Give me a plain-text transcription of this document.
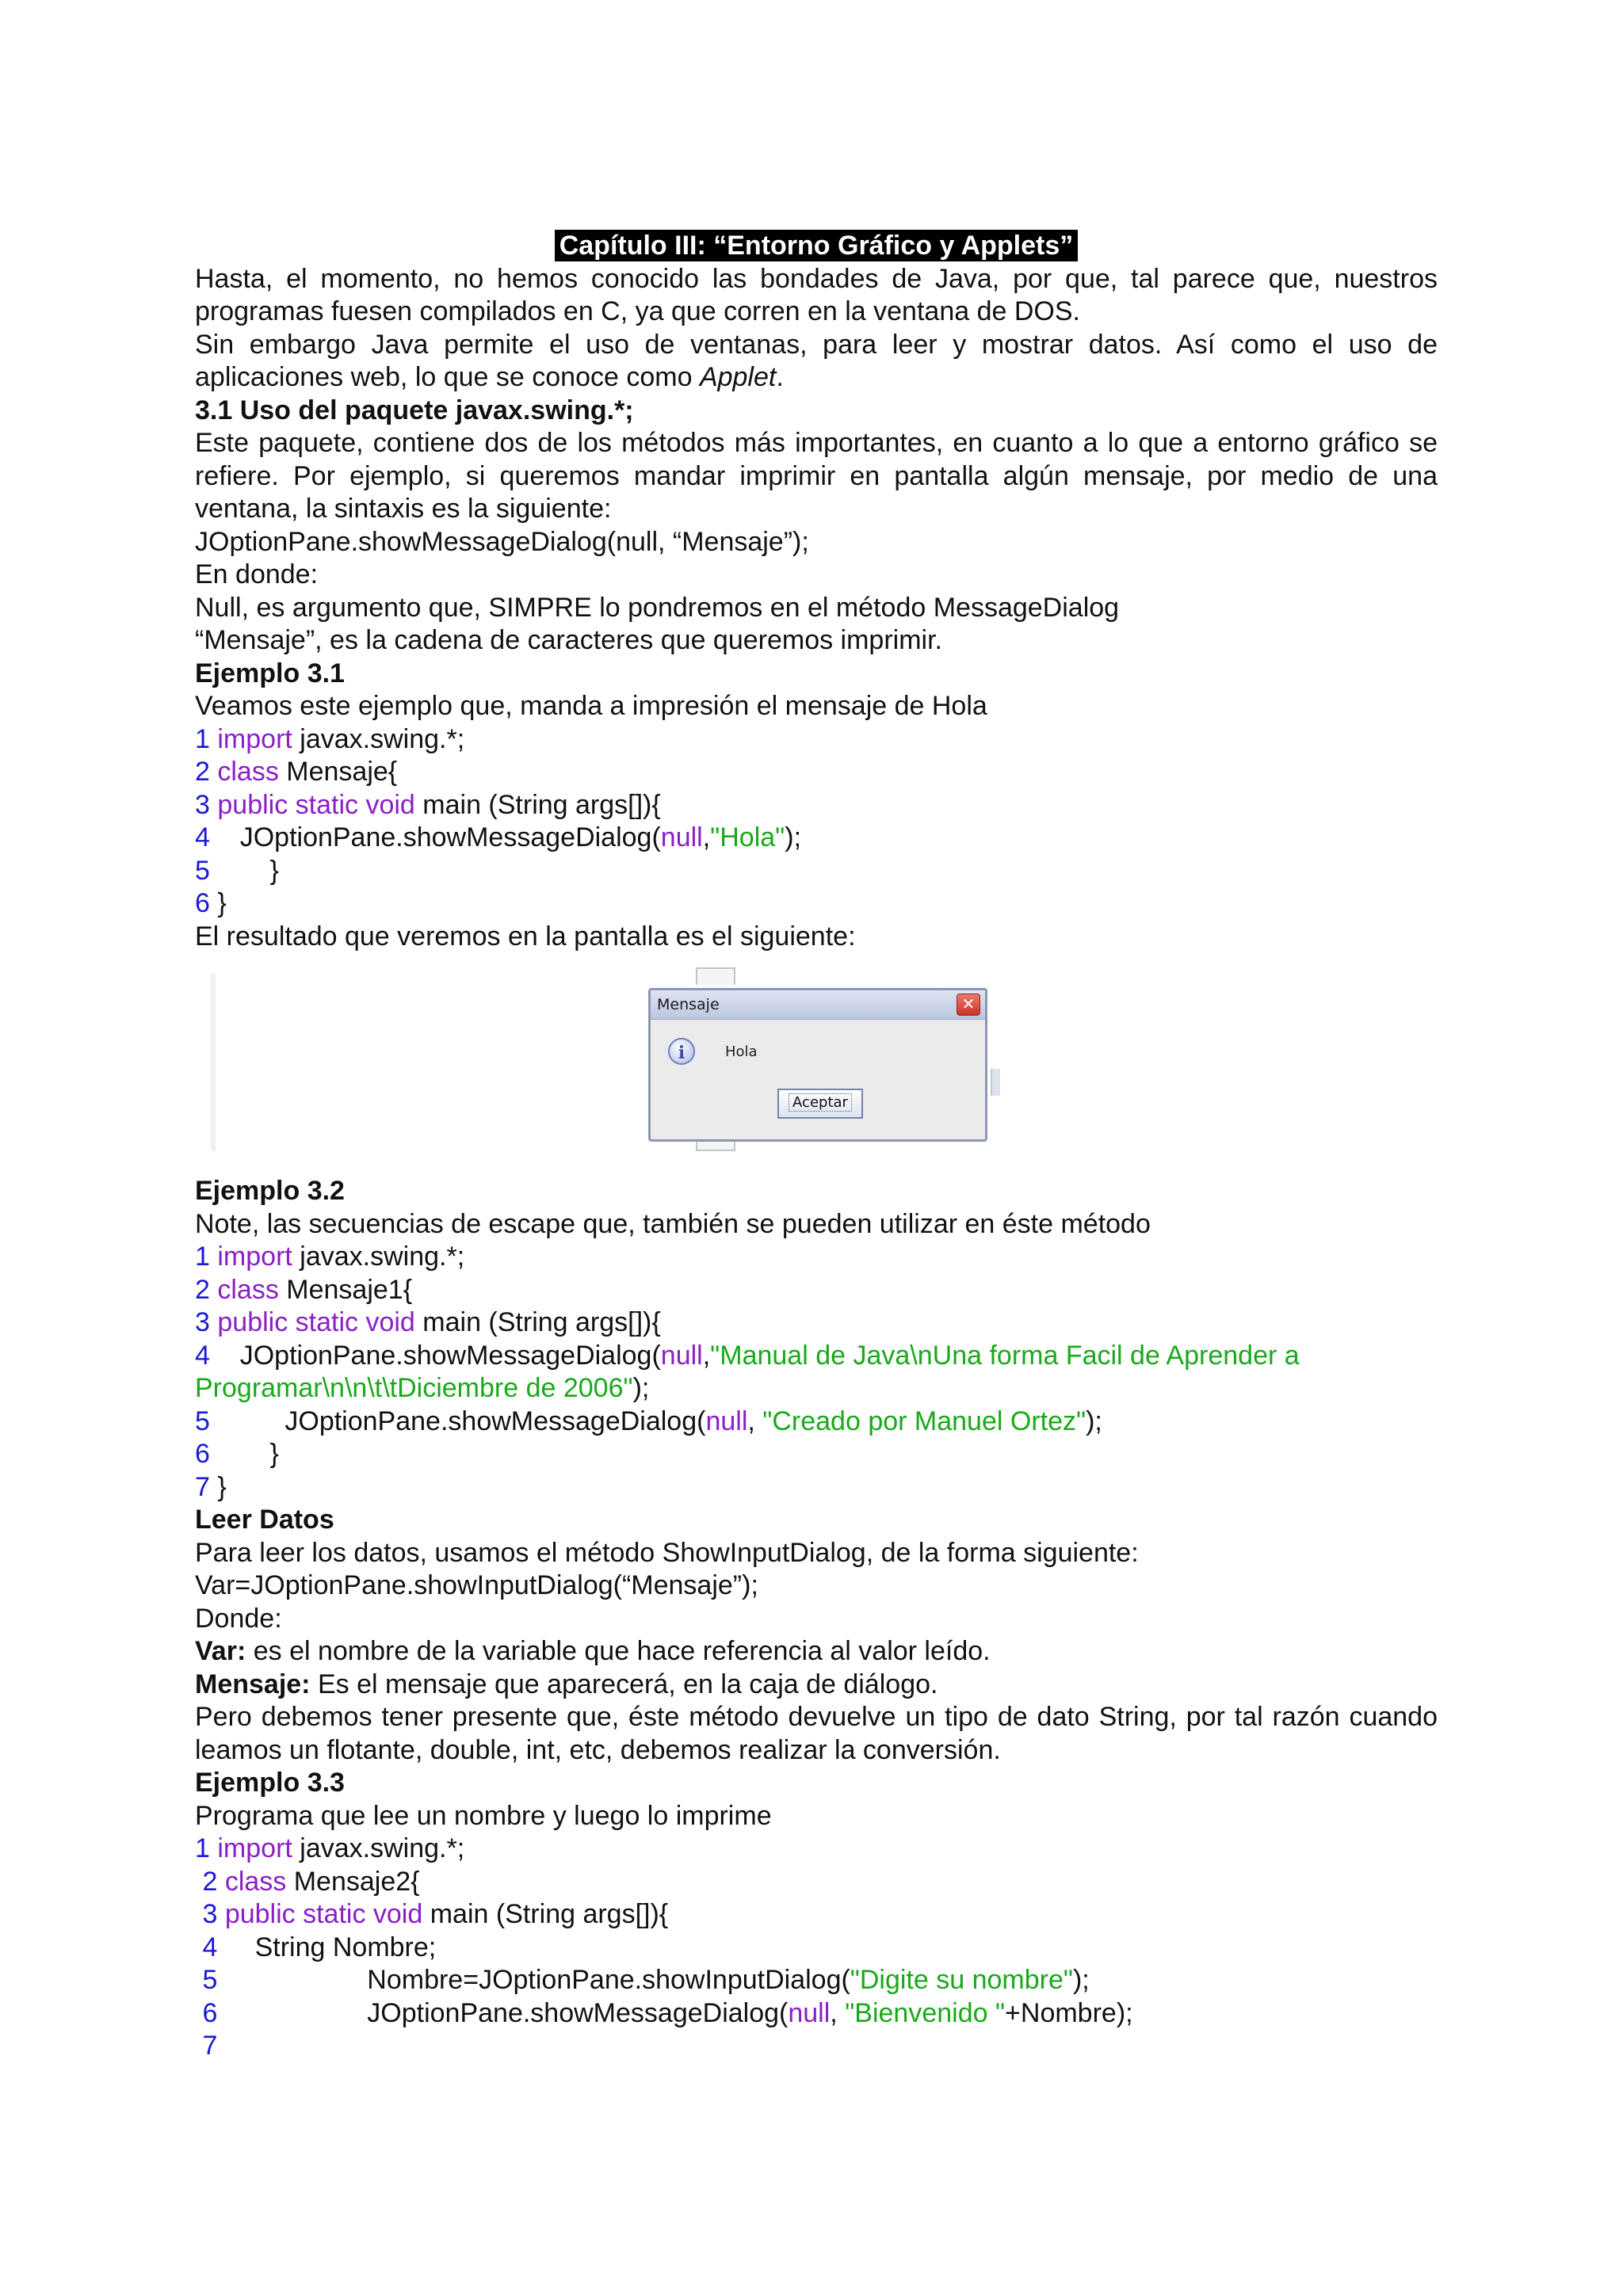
Capítulo III: “Entorno Gráfico y Applets”

Hasta, el momento, no hemos conocido las bondades de Java, por que, tal parece que, nuestros programas fuesen compilados en C, ya que corren en la ventana de DOS.

Sin embargo Java permite el uso de ventanas, para leer y mostrar datos. Así como el uso de aplicaciones web, lo que se conoce como Applet.

3.1 Uso del paquete javax.swing.*;

Este paquete, contiene dos de los métodos más importantes, en cuanto a lo que a entorno gráfico se refiere. Por ejemplo, si queremos mandar imprimir en pantalla algún mensaje, por medio de una ventana, la sintaxis es la siguiente:

JOptionPane.showMessageDialog(null, “Mensaje”);

En donde:

Null, es argumento que, SIMPRE lo pondremos en el método MessageDialog

“Mensaje”, es la cadena de caracteres que queremos imprimir.

Ejemplo 3.1

Veamos este ejemplo que, manda a impresión el mensaje de Hola

1 import javax.swing.*;

2 class Mensaje{

3 public static void main (String args[]){

4    JOptionPane.showMessageDialog(null,"Hola");

5        }

6 }

El resultado que veremos en la pantalla es el siguiente:

Mensaje	✕
i	Hola
Aceptar

Ejemplo 3.2

Note, las secuencias de escape que, también se pueden utilizar en éste método

1 import javax.swing.*;

2 class Mensaje1{

3 public static void main (String args[]){

4    JOptionPane.showMessageDialog(null,"Manual de Java\nUna forma Facil de Aprender a Programar\n\n\t\tDiciembre de 2006");

5          JOptionPane.showMessageDialog(null, "Creado por Manuel Ortez");

6        }

7 }

Leer Datos

Para leer los datos, usamos el método ShowInputDialog, de la forma siguiente:

Var=JOptionPane.showInputDialog(“Mensaje”);

Donde:

Var: es el nombre de la variable que hace referencia al valor leído.

Mensaje: Es el mensaje que aparecerá, en la caja de diálogo.

Pero debemos tener presente que, éste método devuelve un tipo de dato String, por tal razón cuando leamos un flotante, double, int, etc, debemos realizar la conversión.

Ejemplo 3.3

Programa que lee un nombre y luego lo imprime

1 import javax.swing.*;

2 class Mensaje2{

3 public static void main (String args[]){

4     String Nombre;

5                    Nombre=JOptionPane.showInputDialog("Digite su nombre");

6                    JOptionPane.showMessageDialog(null, "Bienvenido "+Nombre);

7
